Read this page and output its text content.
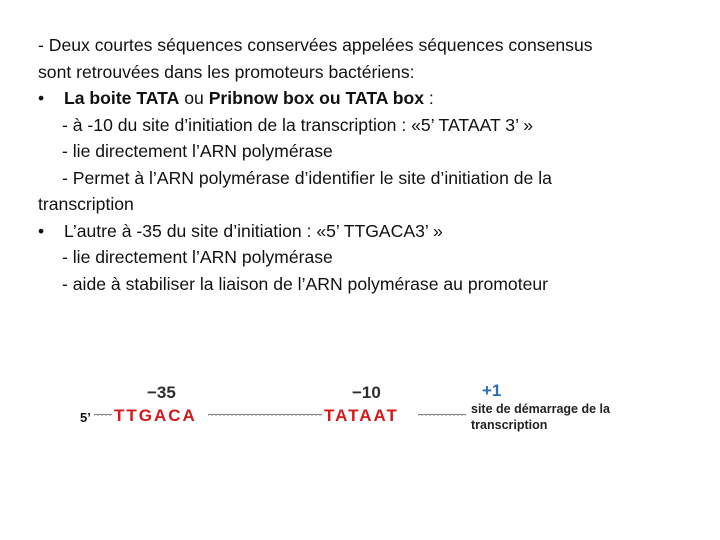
- Deux courtes séquences conservées appelées séquences consensus
sont retrouvées dans les promoteurs bactériens:
• La boite TATA ou Pribnow box ou TATA box :
- à -10 du site d’initiation de la transcription : «5’ TATAAT 3’ »
- lie directement l’ARN polymérase
- Permet à l’ARN polymérase d’identifier le site d’initiation de la
transcription
• L’autre à -35 du site d’initiation : «5’ TTGACA3’ »
- lie directement l’ARN polymérase
- aide à stabiliser la liaison de l’ARN polymérase au promoteur
−35	−10	+1
5’ TTGACA	TATAAT	site de démarrage de la
transcription
